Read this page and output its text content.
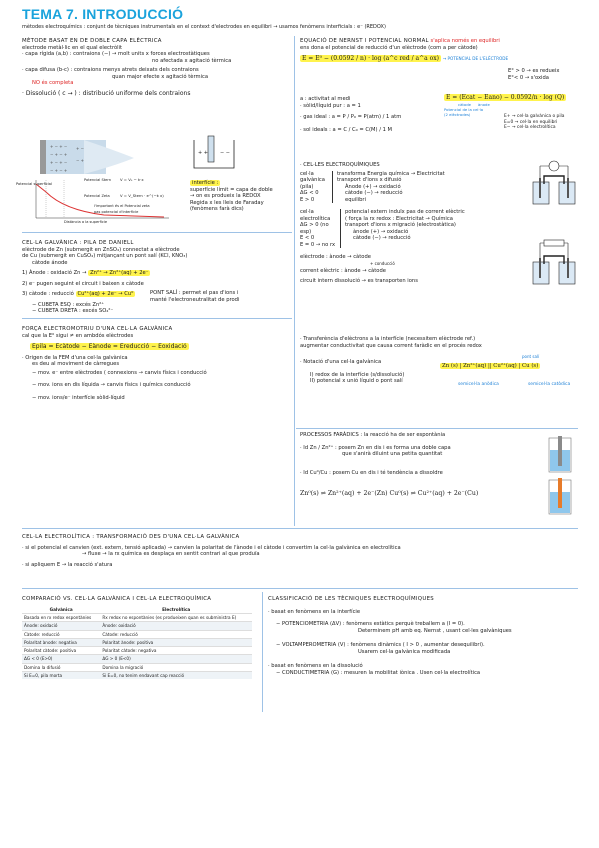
TEMA 7. INTRODUCCIÓ
mètodes electroquímics : conjunt de tècniques instrumentals en el context d'electrodes en equilibri → usamos fenòmens interficials : e⁻ (REDOX)
MÈTODE BASAT EN DE DOBLE CAPA ELÈCTRICA
electrode metàl·lic en el qual electròlit
· capa rígida (a,b) : contraions (−) → molt units x forces electrostàtiques
no afectada x agitació tèrmica
· capa difusa (b-c) : contraions menys atrets deixats dels contraions
quan major efecte x agitació tèrmica
NO és completa
· Dissolució ( c → ) : distribució uniforme dels contraions
+ − + −
− + − +
+ − + −
− + − +
+ −
− +
Potencial superficial
Potencial Stern
Potencial Zeta
Distància a la superfície
V = V₀ − k·x
V = V_Stern · e^(−k x)
l'important és el Potencial zeta
pas potencial d'interfície
+ + − −
interfície :
superfície límit = capa de doble
→ on es produeix la REDOX
Regida x les lleis de Faraday
(fenòmens farà dics)
CEL·LA GALVÀNICA : PILA DE DANIELL
elèctrode de Zn (submergit en ZnSO₄) connectat a elèctrode
de Cu (submergit en CuSO₄) mitjançant un pont salí (KCl, KNO₃)
càtode ánode
1) Ànode : oxidació Zn → Zn²⁺ → Zn²⁺(aq) + 2e⁻
2) e⁻ pugen seguint el circuit i baixen x càtode
3) càtode : reducció Cu²⁺(aq) + 2e⁻ → Cu⁰
− CUBETA ESQ : excés Zn²⁺
− CUBETA DRETA : excés SO₄²⁻
PONT SALÍ : permet el pas d'ions i
manté l'electroneutralitat de prodi
FORÇA ELECTROMOTRIU D'UNA CEL·LA GALVÀNICA
cal que la E⁰ sigui ≠ en ambdós elèctrodes
Epila = Ecàtode − Eànode = Ereducció − Eoxidació
· Origen de la FEM d'una cel·la galvànica
es deu al moviment de càrregues
− mov. e⁻ entre elèctrodes ( connexions → canvis físics i conducció
− mov. ions en dis líquida → canvis físics i químics conducció
− mov. ions/e⁻ interfície sòlid-líquid
EQUACIÓ DE NERNST I POTENCIAL NORMAL s'aplica només en equilibri
ens dona el potencial de reducció d'un elèctrode (com a per càtode)
E = E⁰ − (0.0592 / n) · log (a^c red / a^a ox) → POTENCIAL DE L'ELÈCTRODE
E° > 0 → es redueix
E°< 0 → s'oxida
a : activitat al medi
· sòlid/líquid pur : a = 1
· gas ideal : a = P / P₀ = P(atm) / 1 atm
· sol ideals : a = C / C₀ = C(M) / 1 M
E = (Ecat − Eano) − 0.0592/n · log (Q)
Potencial de la cel·la (2 elèctrodes)
càtode ànode
E+ → cel·la galvànica o pila
E=0 → cel·la en equilibri
E− → cel·la electrolítica
· CEL·LES ELECTROQUÍMIQUES
cel·la galvànica (pila)
ΔG < 0
E > 0
transforma Energia química → Electricitat
transport d'ions x difusió
Ànode (+) → oxidació
càtode (−) → reducció
equilibri
cel·la electrolítica
ΔG > 0 (no esp)
E < 0
E = 0 → no rx
potencial extern induïx pas de corrent elèctric
( força la rx redox : Electricitat → Química
transport d'ions x migració (electrostàtica)
ànode (+) → oxidació
càtode (−) → reducció
elèctrode : ànode → càtode
+ conducció
corrent elèctric : ànode → càtode
circuit intern dissolució → es transporten ions
· Transferència d'elèctrons a la interfície (necessitem elèctrode ref.)
augmentar conductivitat que causa corrent faràdic en el procés redox
· Notació d'una cel·la galvànica
I) redox de la interfície (s/dissolució)
II) potencial x unió líquid o pont salí
pont salí
Zn (s) | Zn²⁺(aq) || Cu²⁺(aq) | Cu (s)
semicel·la anòdica	semicel·la catòdica
PROCESSOS FARÀDICS : la reacció ha de ser espontània
· Id Zn / Zn²⁺ : posem Zn en dis i es forma una doble capa
que s'anirà diluint una petita quantitat
· Id Cu⁰/Cu : posem Cu en dis i té tendència a dissoldre
Zn⁰(s) ⇌ Zn²⁺(aq) + 2e⁻(Zn) Cu⁰(s) ⇌ Cu²⁺(aq) + 2e⁻(Cu)
CEL·LA ELECTROLÍTICA : TRANSFORMACIÓ DES D'UNA CEL·LA GALVÀNICA
· si el potencial el canvien (ext. extern, tensió aplicada) → canvien la polaritat de l'ànode i el càtode i convertim la cel·la galvànica en electrolítica
→ fluxe → la rx química es desplaça en sentit contrari al que produïa
· si apliquem E → la reacció s'atura
COMPARACIÓ VS. CEL·LA GALVÀNICA I CEL·LA ELECTROQUÍMICA
Galvànica	Electrolítica
Basada en rx redox espontànies	Rx redox no espontànies (es produeixen quan es subministra E)
Ànode: oxidació	Ànode: oxidació
Càtode: reducció	Càtode: reducció
Polaritat ànode: negativa	Polaritat ànode: positiva
Polaritat càtode: positiva	Polaritat càtode: negativa
ΔG < 0 (E>0)	ΔG > 0 (E<0)
Domina la difusió	Domina la migració
Si E=0, pila morta	Si E=0, no tenim endavant cap reacció
CLASSIFICACIÓ DE LES TÈCNIQUES ELECTROQUÍMIQUES
· basat en fenòmens en la interfície
− POTENCIOMETRIA (ΔV) : fenòmens estàtics perquè treballem a (I = 0).
Determinem pH amb eq. Nernst , usant cel·les galvàniques
− VOLTAMPEROMETRIA (V) : fenòmens dinàmics ( I > 0 , aumentar desequilibri).
Usarem cel·la galvànica modificada
· basat en fenòmens en la dissolució
− CONDUCTIMETRIA (G) : mesuren la mobilitat iònica . Usen cel·la electrolítica
